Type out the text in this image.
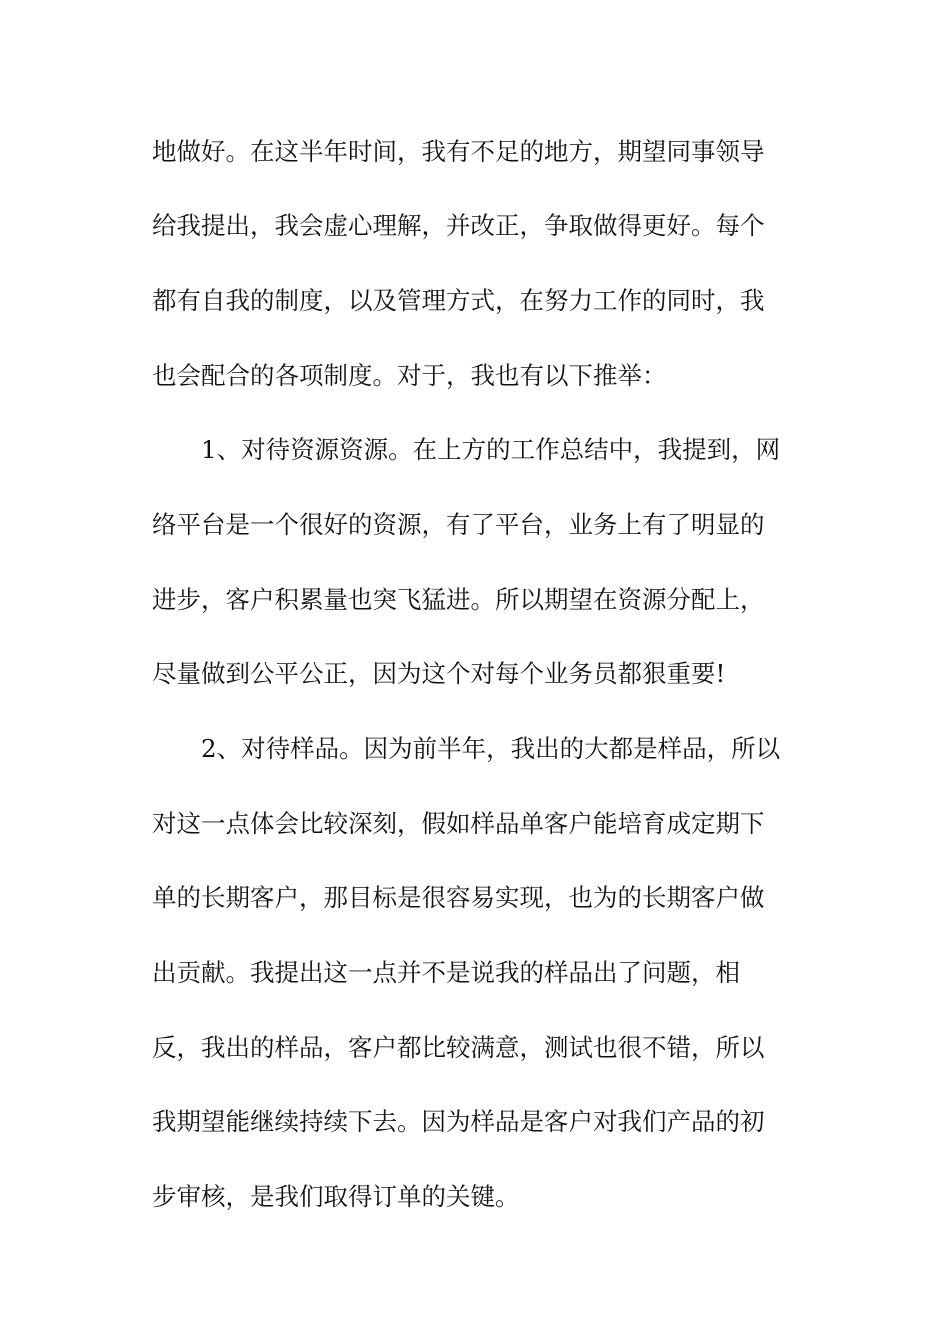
地做好。在这半年时间，我有不足的地方，期望同事领导

给我提出，我会虚心理解，并改正，争取做得更好。每个

都有自我的制度，以及管理方式，在努力工作的同时，我

也会配合的各项制度。对于，我也有以下推举：

1、对待资源资源。在上方的工作总结中，我提到，网

络平台是一个很好的资源，有了平台，业务上有了明显的

进步，客户积累量也突飞猛进。所以期望在资源分配上，

尽量做到公平公正，因为这个对每个业务员都狠重要!

2、对待样品。因为前半年，我出的大都是样品，所以

对这一点体会比较深刻，假如样品单客户能培育成定期下

单的长期客户，那目标是很容易实现，也为的长期客户做

出贡献。我提出这一点并不是说我的样品出了问题，相

反，我出的样品，客户都比较满意，测试也很不错，所以

我期望能继续持续下去。因为样品是客户对我们产品的初

步审核，是我们取得订单的关键。
